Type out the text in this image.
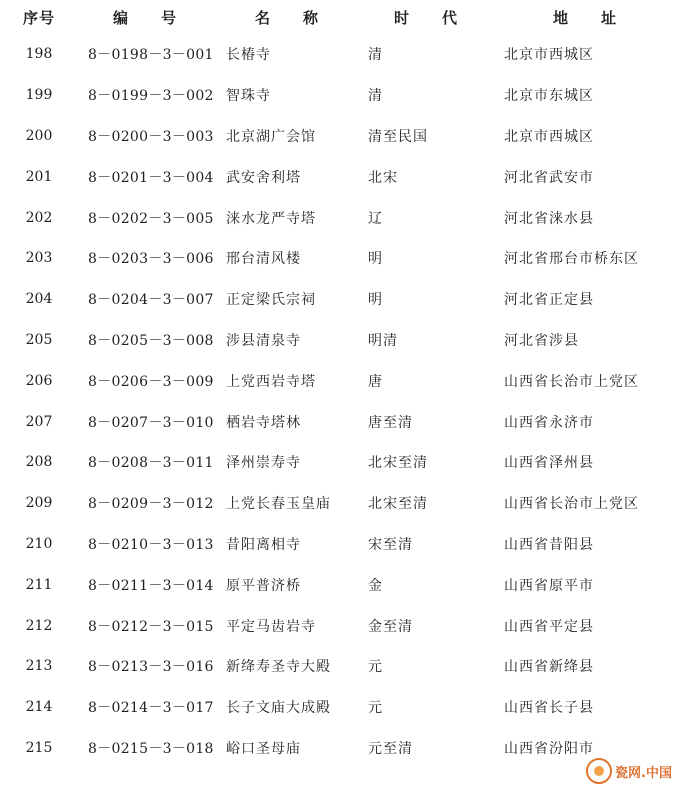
序号	编　号	名　称	时　代	地　址
198	8－0198－3－001	长椿寺	清	北京市西城区
199	8－0199－3－002	智珠寺	清	北京市东城区
200	8－0200－3－003	北京湖广会馆	清至民国	北京市西城区
201	8－0201－3－004	武安舍利塔	北宋	河北省武安市
202	8－0202－3－005	涞水龙严寺塔	辽	河北省涞水县
203	8－0203－3－006	邢台清风楼	明	河北省邢台市桥东区
204	8－0204－3－007	正定梁氏宗祠	明	河北省正定县
205	8－0205－3－008	涉县清泉寺	明清	河北省涉县
206	8－0206－3－009	上党西岩寺塔	唐	山西省长治市上党区
207	8－0207－3－010	栖岩寺塔林	唐至清	山西省永济市
208	8－0208－3－011	泽州崇寿寺	北宋至清	山西省泽州县
209	8－0209－3－012	上党长春玉皇庙	北宋至清	山西省长治市上党区
210	8－0210－3－013	昔阳离相寺	宋至清	山西省昔阳县
211	8－0211－3－014	原平普济桥	金	山西省原平市
212	8－0212－3－015	平定马齿岩寺	金至清	山西省平定县
213	8－0213－3－016	新绛寿圣寺大殿	元	山西省新绛县
214	8－0214－3－017	长子文庙大成殿	元	山西省长子县
215	8－0215－3－018	峪口圣母庙	元至清	山西省汾阳市
瓷网.中国
